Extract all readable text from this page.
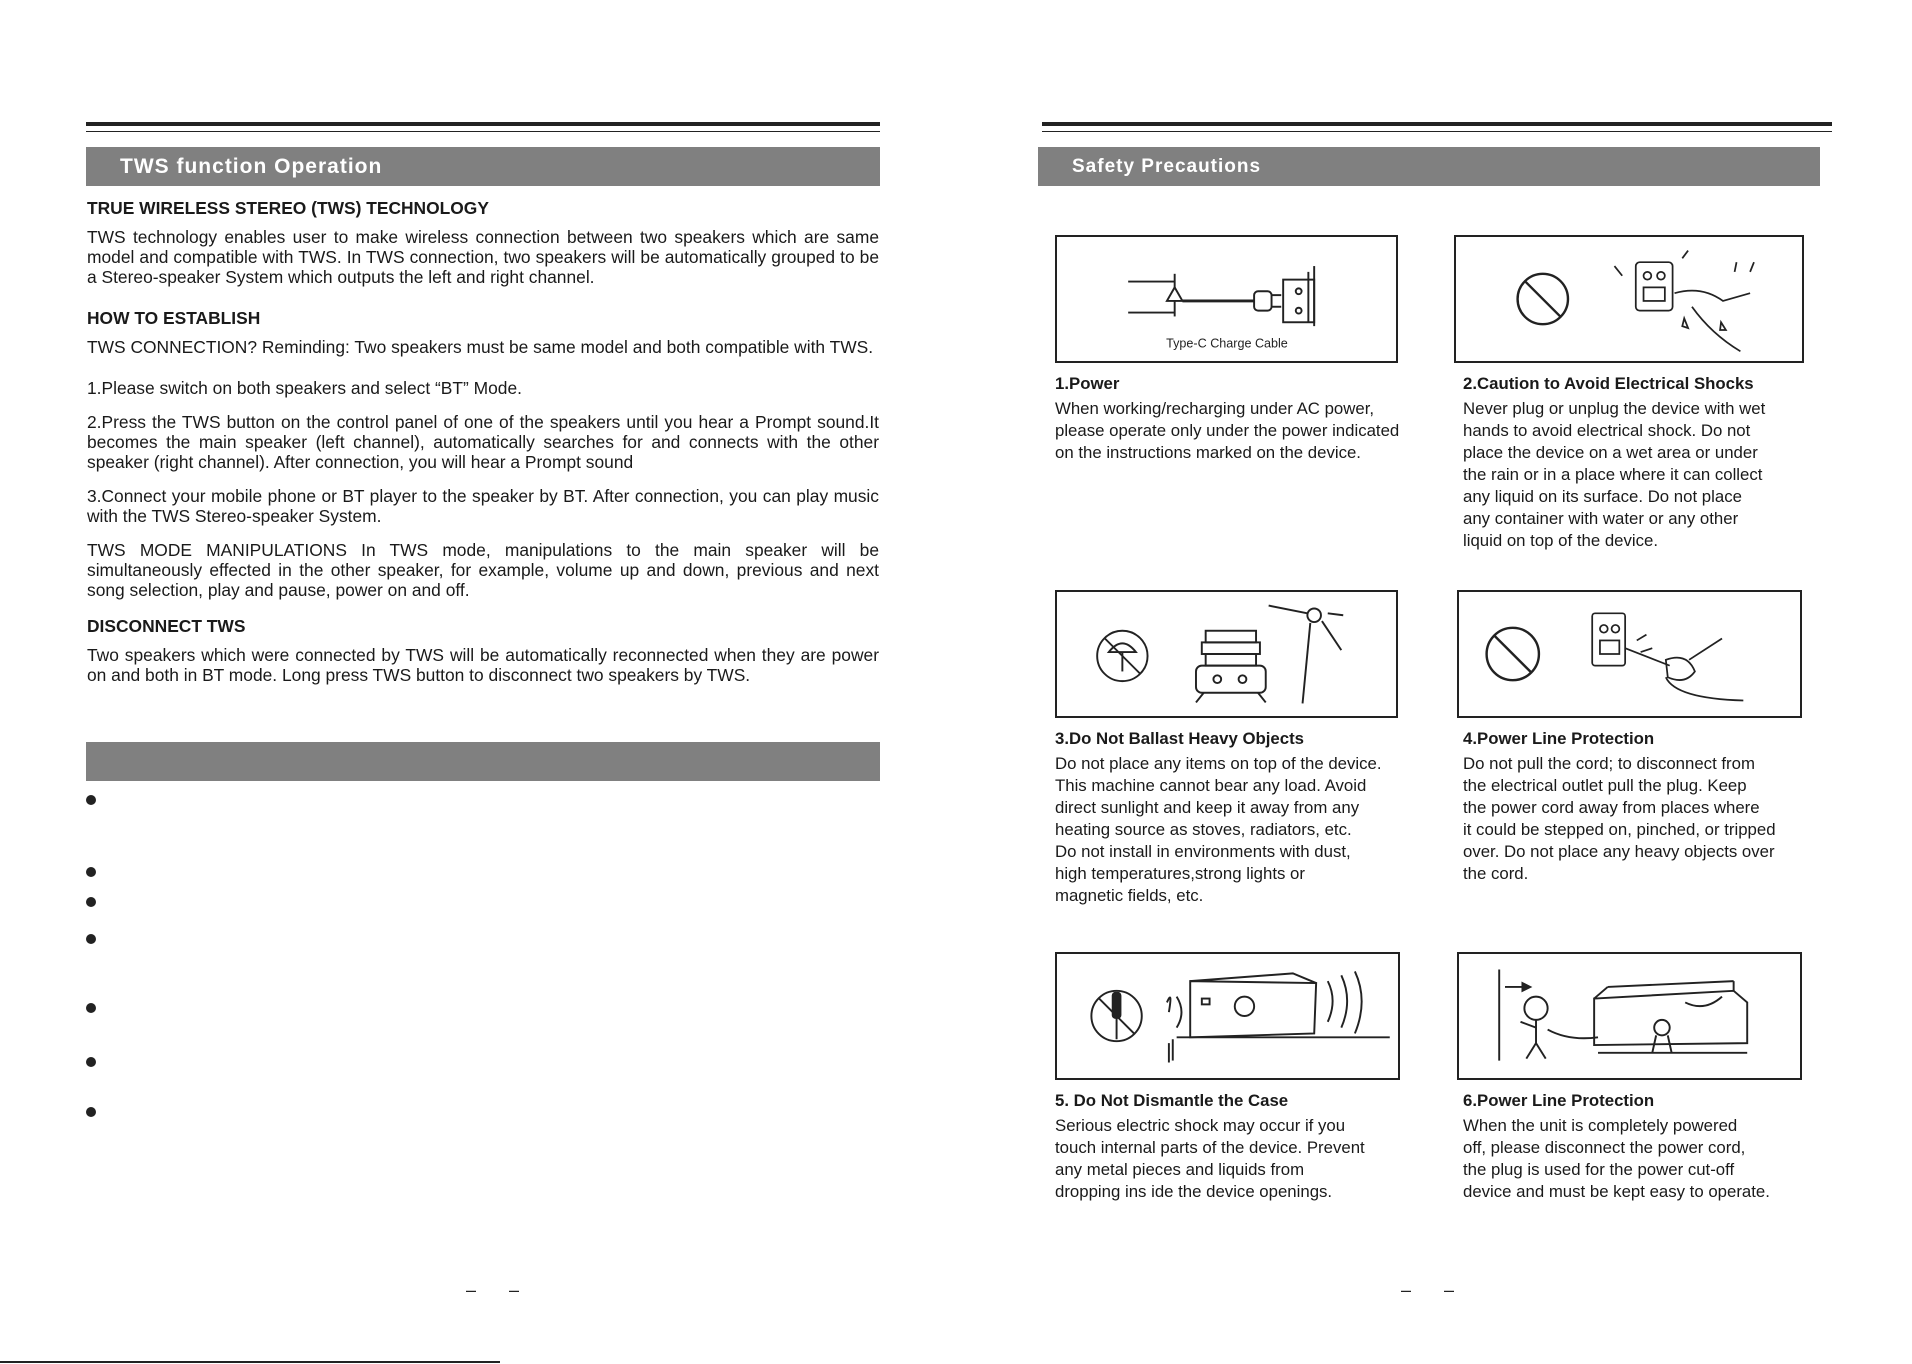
TWS function Operation
TRUE WIRELESS STEREO (TWS) TECHNOLOGY

TWS technology enables user to make wireless connection between two speakers which are same model and compatible with TWS. In TWS connection, two speakers will be automatically grouped to be a Stereo-speaker System which outputs the left and right channel.

HOW TO ESTABLISH

TWS CONNECTION? Reminding: Two speakers must be same model and both compatible with TWS.

1.Please switch on both speakers and select “BT” Mode.

2.Press the TWS button on the control panel of one of the speakers until you hear a Prompt sound.It becomes the main speaker (left channel), automatically searches for and connects with the other speaker (right channel). After connection, you will hear a Prompt sound

3.Connect your mobile phone or BT player to the speaker by BT. After connection, you can play music with the TWS Stereo-speaker System.

TWS MODE MANIPULATIONS In TWS mode, manipulations to the main speaker will be simultaneously effected in the other speaker, for example, volume up and down, previous and next song selection, play and pause, power on and off.

DISCONNECT TWS

Two speakers which were connected by TWS will be automatically reconnected when they are power on and both in BT mode. Long press TWS button to disconnect two speakers by TWS.

– –
Safety Precautions
Type-C Charge Cable
1.Power
When working/recharging under AC power,
please operate only under the power indicated
on the instructions marked on the device.
2.Caution to Avoid Electrical Shocks
Never plug or unplug the device with wet
hands to avoid electrical shock. Do not
place the device on a wet area or under
the rain or in a place where it can collect
any liquid on its surface. Do not place
any container with water or any other
liquid on top of the device.
3.Do Not Ballast Heavy Objects
Do not place any items on top of the device.
This machine cannot bear any load. Avoid
direct sunlight and keep it away from any
heating source as stoves, radiators, etc.
Do not install in environments with dust,
high temperatures,strong lights or
magnetic fields, etc.
4.Power Line Protection
Do not pull the cord; to disconnect from
the electrical outlet pull the plug. Keep
the power cord away from places where
it could be stepped on, pinched, or tripped
over. Do not place any heavy objects over
the cord.
5. Do Not Dismantle the Case
Serious electric shock may occur if you
touch internal parts of the device. Prevent
any metal pieces and liquids from
dropping ins ide the device openings.
6.Power Line Protection
When the unit is completely powered
off, please disconnect the power cord,
the plug is used for the power cut-off
device and must be kept easy to operate.
– –
